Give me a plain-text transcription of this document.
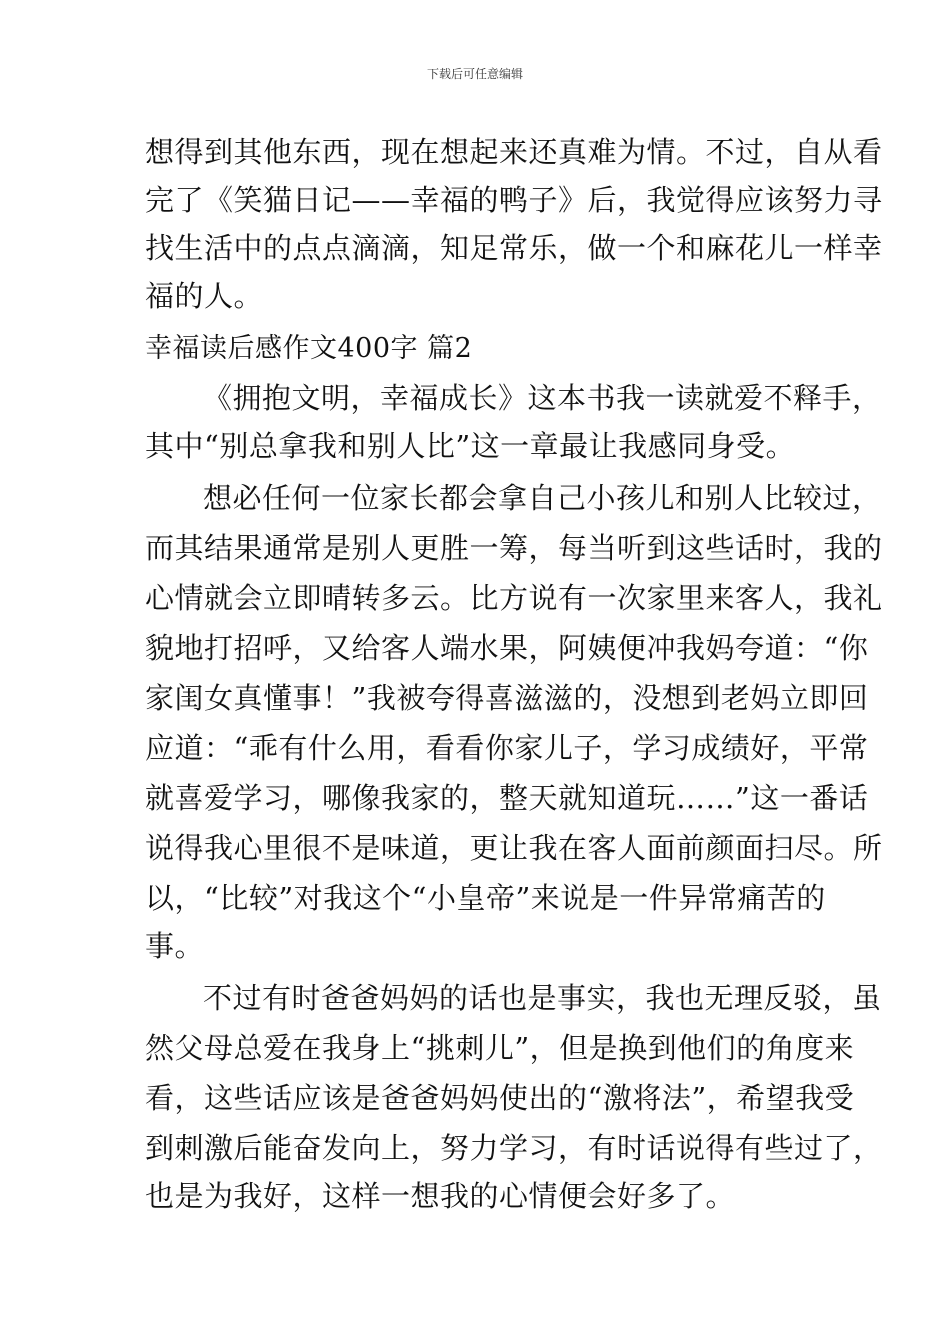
下载后可任意编辑

想得到其他东西，现在想起来还真难为情。不过，自从看

完了《笑猫日记——幸福的鸭子》后，我觉得应该努力寻

找生活中的点点滴滴，知足常乐，做一个和麻花儿一样幸

福的人。

幸福读后感作文400字 篇2

《拥抱文明，幸福成长》这本书我一读就爱不释手，

其中“别总拿我和别人比”这一章最让我感同身受。

想必任何一位家长都会拿自己小孩儿和别人比较过，

而其结果通常是别人更胜一筹，每当听到这些话时，我的

心情就会立即晴转多云。比方说有一次家里来客人，我礼

貌地打招呼，又给客人端水果，阿姨便冲我妈夸道：“你

家闺女真懂事！”我被夸得喜滋滋的，没想到老妈立即回

应道：“乖有什么用，看看你家儿子，学习成绩好，平常

就喜爱学习，哪像我家的，整天就知道玩……”这一番话

说得我心里很不是味道，更让我在客人面前颜面扫尽。所

以，“比较”对我这个“小皇帝”来说是一件异常痛苦的

事。

不过有时爸爸妈妈的话也是事实，我也无理反驳，虽

然父母总爱在我身上“挑刺儿”，但是换到他们的角度来

看，这些话应该是爸爸妈妈使出的“激将法”，希望我受

到刺激后能奋发向上，努力学习，有时话说得有些过了，

也是为我好，这样一想我的心情便会好多了。
